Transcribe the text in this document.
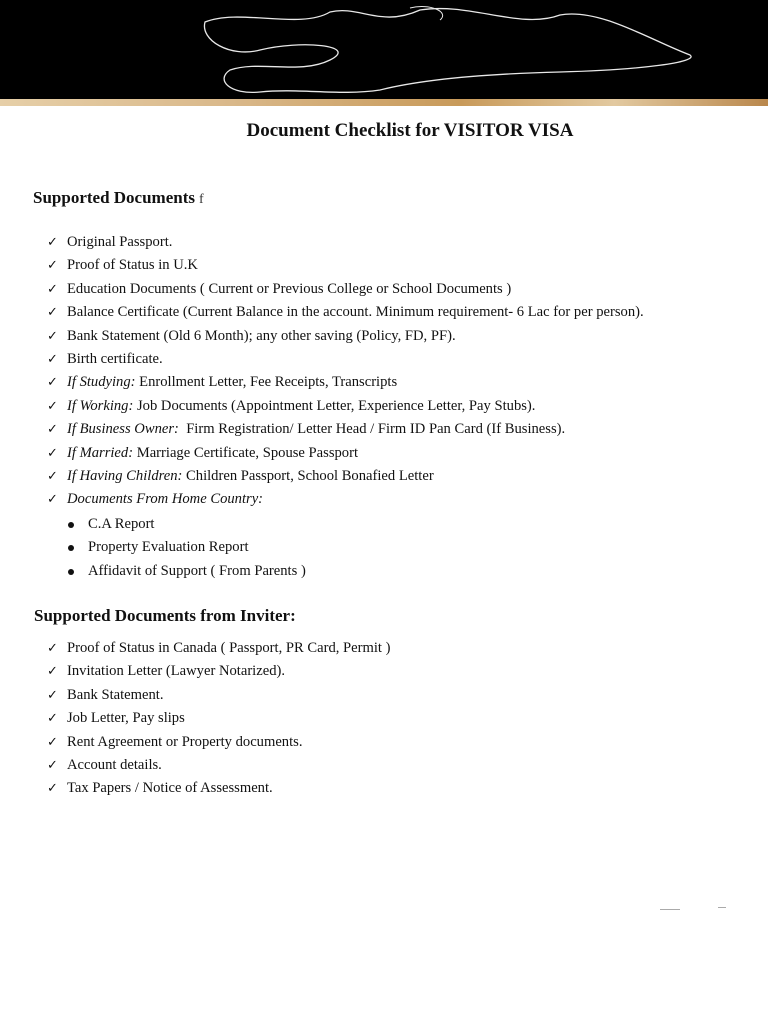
Document Checklist for VISITOR VISA
Supported Documents f
✓ Original Passport.
✓ Proof of Status in U.K
✓ Education Documents ( Current or Previous College or School Documents )
✓ Balance Certificate (Current Balance in the account. Minimum requirement- 6 Lac for per person).
✓ Bank Statement (Old 6 Month); any other saving (Policy, FD, PF).
✓ Birth certificate.
✓ If Studying: Enrollment Letter, Fee Receipts, Transcripts
✓ If Working: Job Documents (Appointment Letter, Experience Letter, Pay Stubs).
✓ If Business Owner:  Firm Registration/ Letter Head / Firm ID Pan Card (If Business).
✓ If Married: Marriage Certificate, Spouse Passport
✓ If Having Children: Children Passport, School Bonafied Letter
✓ Documents From Home Country:
C.A Report
Property Evaluation Report
Affidavit of Support ( From Parents )
Supported Documents from Inviter:
✓ Proof of Status in Canada ( Passport, PR Card, Permit )
✓ Invitation Letter (Lawyer Notarized).
✓ Bank Statement.
✓ Job Letter, Pay slips
✓ Rent Agreement or Property documents.
✓ Account details.
✓ Tax Papers / Notice of Assessment.
